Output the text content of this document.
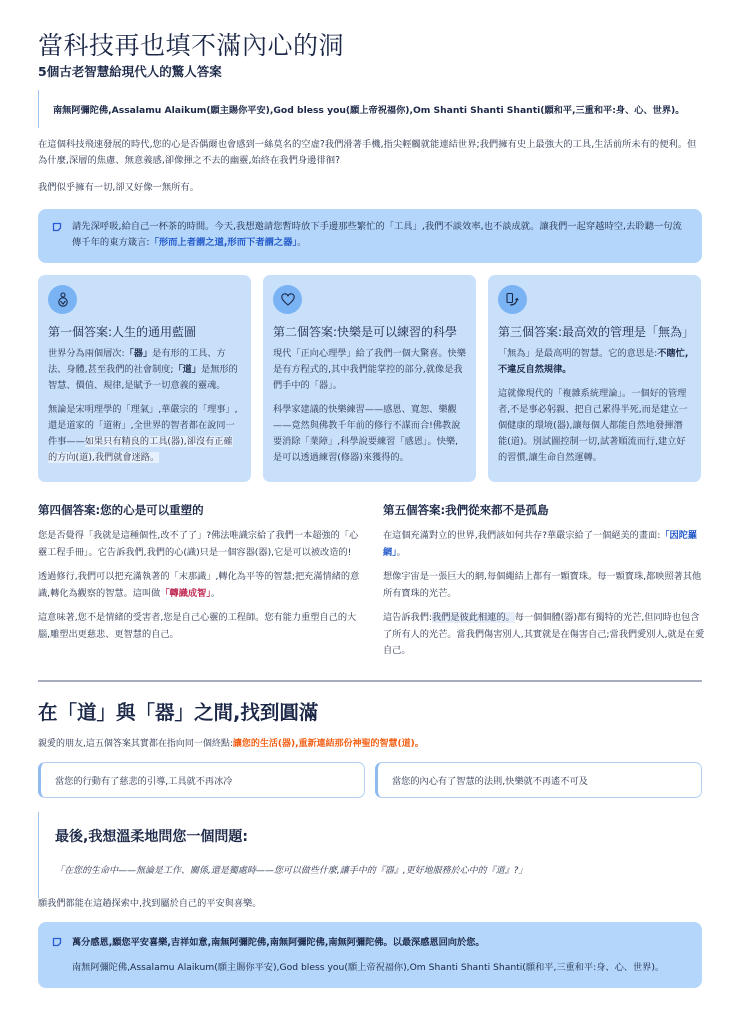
當科技再也填不滿內心的洞
5個古老智慧給現代人的驚人答案
南無阿彌陀佛,Assalamu Alaikum(願主賜你平安),God bless you(願上帝祝福你),Om Shanti Shanti Shanti(願和平,三重和平:身、心、世界)。

在這個科技飛速發展的時代,您的心是否偶爾也會感到一絲莫名的空虛?我們滑著手機,指尖輕觸就能連結世界;我們擁有史上最強大的工具,生活前所未有的便利。但為什麼,深層的焦慮、無意義感,卻像揮之不去的幽靈,始終在我們身邊徘徊?

我們似乎擁有一切,卻又好像一無所有。

請先深呼吸,給自己一杯茶的時間。今天,我想邀請您暫時放下手邊那些繁忙的「工具」,我們不談效率,也不談成就。讓我們一起穿越時空,去聆聽一句流傳千年的東方箴言:「形而上者謂之道,形而下者謂之器」。
第一個答案:人生的通用藍圖

世界分為兩個層次:「器」是有形的工具、方法、身體,甚至我們的社會制度;「道」是無形的智慧、價值、規律,是賦予一切意義的靈魂。

無論是宋明理學的「理氣」,華嚴宗的「理事」,還是道家的「道術」,全世界的智者都在說同一件事——如果只有精良的工具(器),卻沒有正確的方向(道),我們就會迷路。

第二個答案:快樂是可以練習的科學

現代「正向心理學」給了我們一個大驚喜。快樂是有方程式的,其中我們能掌控的部分,就像是我們手中的「器」。

科學家建議的快樂練習——感恩、寬恕、樂觀——竟然與佛教千年前的修行不謀而合!佛教說要消除「業障」,科學說要練習「感恩」。快樂,是可以透過練習(修器)來獲得的。

第三個答案:最高效的管理是「無為」

「無為」是最高明的智慧。它的意思是:不瞎忙,不違反自然規律。

這就像現代的「複雜系統理論」。一個好的管理者,不是事必躬親、把自己累得半死,而是建立一個健康的環境(器),讓每個人都能自然地發揮潛能(道)。別試圖控制一切,試著順流而行,建立好的習慣,讓生命自然運轉。

第四個答案:您的心是可以重塑的

您是否覺得「我就是這種個性,改不了了」?佛法唯識宗給了我們一本超強的「心靈工程手冊」。它告訴我們,我們的心(識)只是一個容器(器),它是可以被改造的!

透過修行,我們可以把充滿執著的「末那識」,轉化為平等的智慧;把充滿情緒的意識,轉化為觀察的智慧。這叫做「轉識成智」。

這意味著,您不是情緒的受害者,您是自己心靈的工程師。您有能力重塑自己的大腦,雕塑出更慈悲、更智慧的自己。

第五個答案:我們從來都不是孤島

在這個充滿對立的世界,我們該如何共存?華嚴宗給了一個絕美的畫面:「因陀羅網」。

想像宇宙是一張巨大的網,每個繩結上都有一顆寶珠。每一顆寶珠,都映照著其他所有寶珠的光芒。

這告訴我們:我們是彼此相連的。每一個個體(器)都有獨特的光芒,但同時也包含了所有人的光芒。當我們傷害別人,其實就是在傷害自己;當我們愛別人,就是在愛自己。

在「道」與「器」之間,找到圓滿

親愛的朋友,這五個答案其實都在指向同一個終點:讓您的生活(器),重新連結那份神聖的智慧(道)。

當您的行動有了慈悲的引導,工具就不再冰冷	當您的內心有了智慧的法則,快樂就不再遙不可及
最後,我想溫柔地問您一個問題:
「在您的生命中——無論是工作、關係,還是獨處時——您可以做些什麼,讓手中的『器』,更好地服務於心中的『道』?」

願我們都能在這趟探索中,找到屬於自己的平安與喜樂。

萬分感恩,願您平安喜樂,吉祥如意,南無阿彌陀佛,南無阿彌陀佛,南無阿彌陀佛。以最深感恩回向於您。
南無阿彌陀佛,Assalamu Alaikum(願主賜你平安),God bless you(願上帝祝福你),Om Shanti Shanti Shanti(願和平,三重和平:身、心、世界)。
